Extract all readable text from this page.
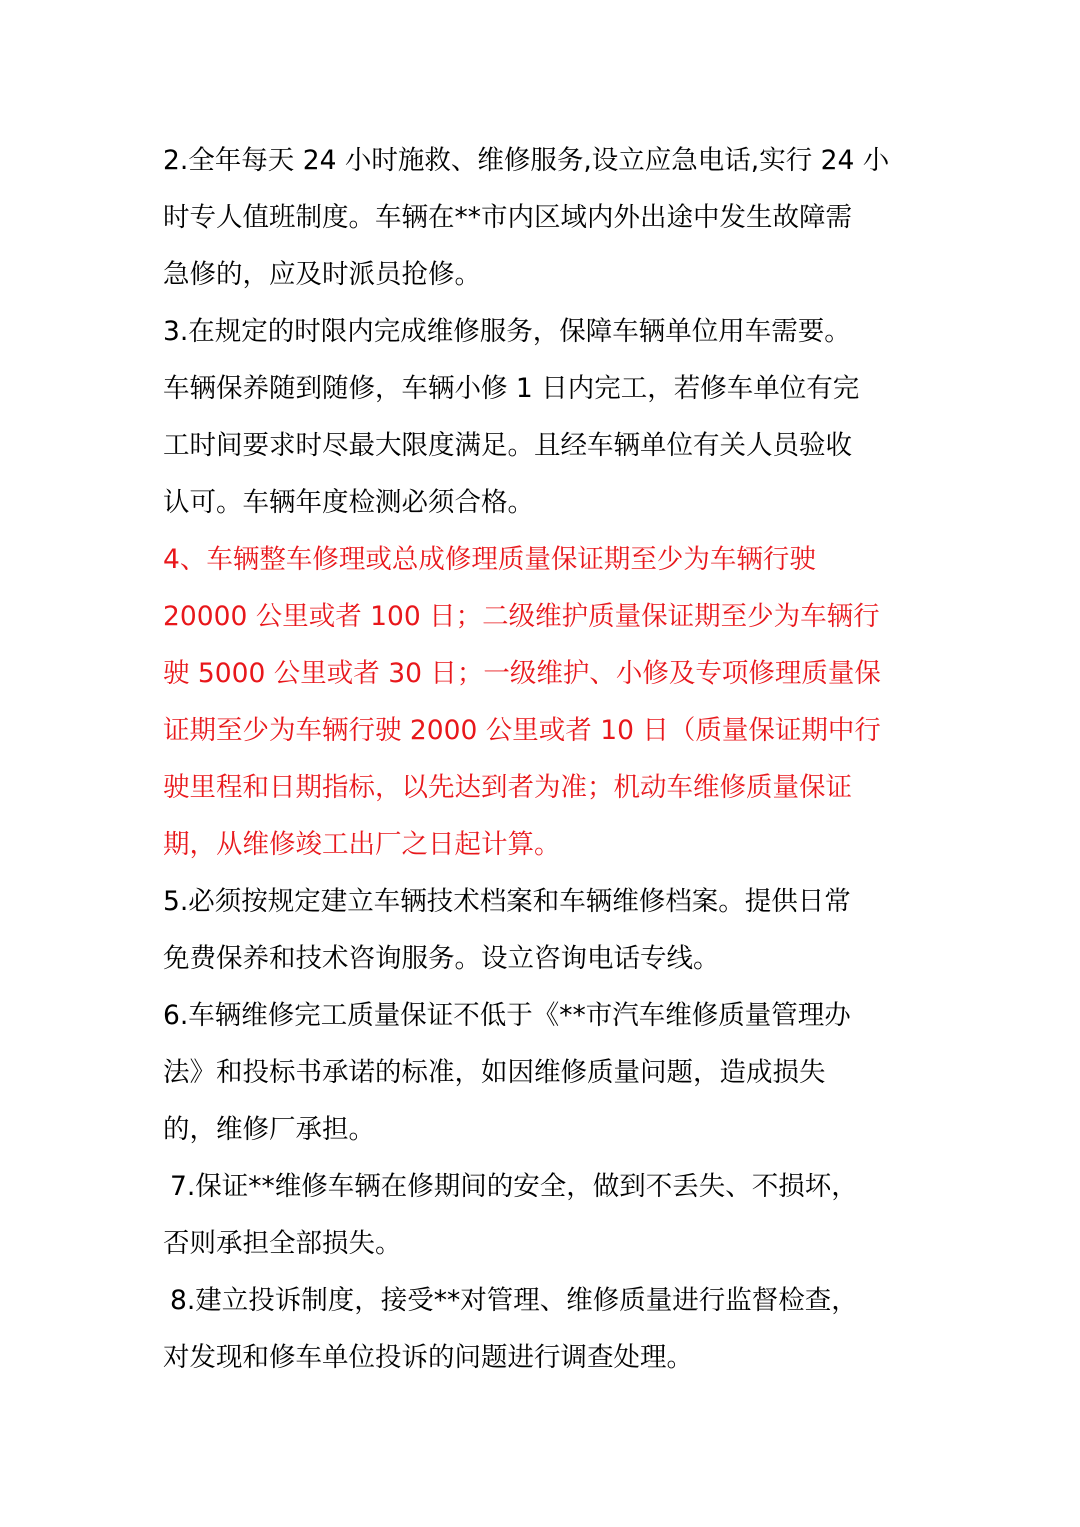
2.全年每天 24 小时施救、维修服务,设立应急电话,实行 24 小
时专人值班制度。车辆在**市内区域内外出途中发生故障需
急修的，应及时派员抢修。

3.在规定的时限内完成维修服务，保障车辆单位用车需要。
车辆保养随到随修，车辆小修 1 日内完工，若修车单位有完
工时间要求时尽最大限度满足。且经车辆单位有关人员验收
认可。车辆年度检测必须合格。

4、车辆整车修理或总成修理质量保证期至少为车辆行驶
20000 公里或者 100 日；二级维护质量保证期至少为车辆行
驶 5000 公里或者 30 日；一级维护、小修及专项修理质量保
证期至少为车辆行驶 2000 公里或者 10 日（质量保证期中行
驶里程和日期指标，以先达到者为准；机动车维修质量保证
期，从维修竣工出厂之日起计算。

5.必须按规定建立车辆技术档案和车辆维修档案。提供日常
免费保养和技术咨询服务。设立咨询电话专线。

6.车辆维修完工质量保证不低于《**市汽车维修质量管理办
法》和投标书承诺的标准，如因维修质量问题，造成损失
的，维修厂承担。

7.保证**维修车辆在修期间的安全，做到不丢失、不损坏，
否则承担全部损失。

8.建立投诉制度，接受**对管理、维修质量进行监督检查，
对发现和修车单位投诉的问题进行调查处理。
